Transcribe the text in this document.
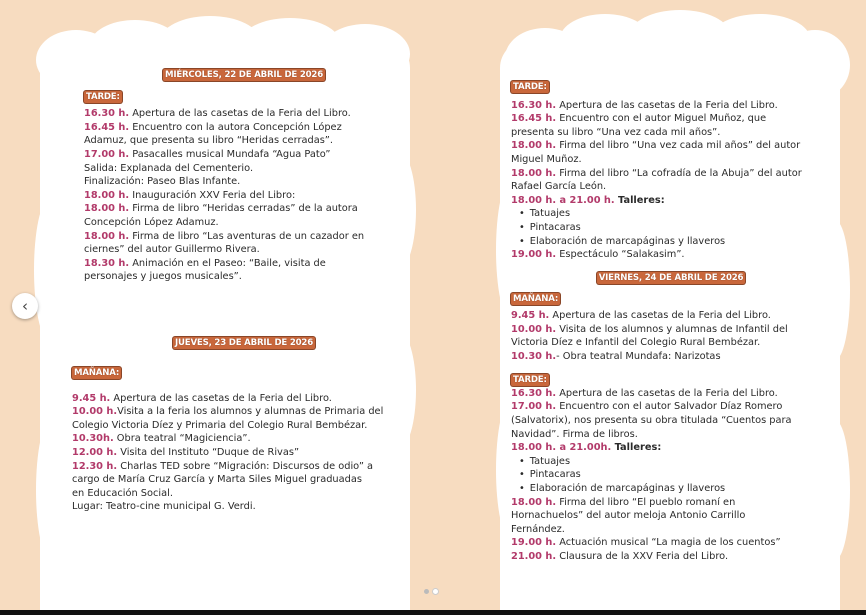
MIÉRCOLES, 22 DE ABRIL DE 2026
TARDE:
16.30 h. Apertura de las casetas de la Feria del Libro.
16.45 h. Encuentro con la autora Concepción López
Adamuz, que presenta su libro “Heridas cerradas”.
17.00 h. Pasacalles musical Mundafa “Agua Pato”
Salida: Explanada del Cementerio.
Finalización: Paseo Blas Infante.
18.00 h. Inauguración XXV Feria del Libro:
18.00 h. Firma de libro “Heridas cerradas” de la autora
Concepción López Adamuz.
18.00 h. Firma de libro “Las aventuras de un cazador en
ciernes” del autor Guillermo Rivera.
18.30 h. Animación en el Paseo: “Baile, visita de
personajes y juegos musicales”.
JUEVES, 23 DE ABRIL DE 2026
MAÑANA:
9.45 h. Apertura de las casetas de la Feria del Libro.
10.00 h.Visita a la feria los alumnos y alumnas de Primaria del
Colegio Victoria Díez y Primaria del Colegio Rural Bembézar.
10.30h. Obra teatral “Magiciencia”.
12.00 h. Visita del Instituto “Duque de Rivas”
12.30 h. Charlas TED sobre “Migración: Discursos de odio” a
cargo de María Cruz García y Marta Siles Miguel graduadas
en Educación Social.
Lugar: Teatro-cine municipal G. Verdi.
TARDE:
16.30 h. Apertura de las casetas de la Feria del Libro.
16.45 h. Encuentro con el autor Miguel Muñoz, que
presenta su libro “Una vez cada mil años”.
18.00 h. Firma del libro “Una vez cada mil años” del autor
Miguel Muñoz.
18.00 h. Firma del libro “La cofradía de la Abuja” del autor
Rafael García León.
18.00 h. a 21.00 h. Talleres:
• Tatuajes
• Pintacaras
• Elaboración de marcapáginas y llaveros
19.00 h. Espectáculo “Salakasim”.
VIERNES, 24 DE ABRIL DE 2026
MAÑANA:
9.45 h. Apertura de las casetas de la Feria del Libro.
10.00 h. Visita de los alumnos y alumnas de Infantil del
Victoria Díez e Infantil del Colegio Rural Bembézar.
10.30 h.- Obra teatral Mundafa: Narizotas
TARDE:
16.30 h. Apertura de las casetas de la Feria del Libro.
17.00 h. Encuentro con el autor Salvador Díaz Romero
(Salvatorix), nos presenta su obra titulada “Cuentos para
Navidad”. Firma de libros.
18.00 h. a 21.00h. Talleres:
• Tatuajes
• Pintacaras
• Elaboración de marcapáginas y llaveros
18.00 h. Firma del libro “El pueblo romaní en
Hornachuelos” del autor meloja Antonio Carrillo
Fernández.
19.00 h. Actuación musical “La magia de los cuentos”
21.00 h. Clausura de la XXV Feria del Libro.
‹
